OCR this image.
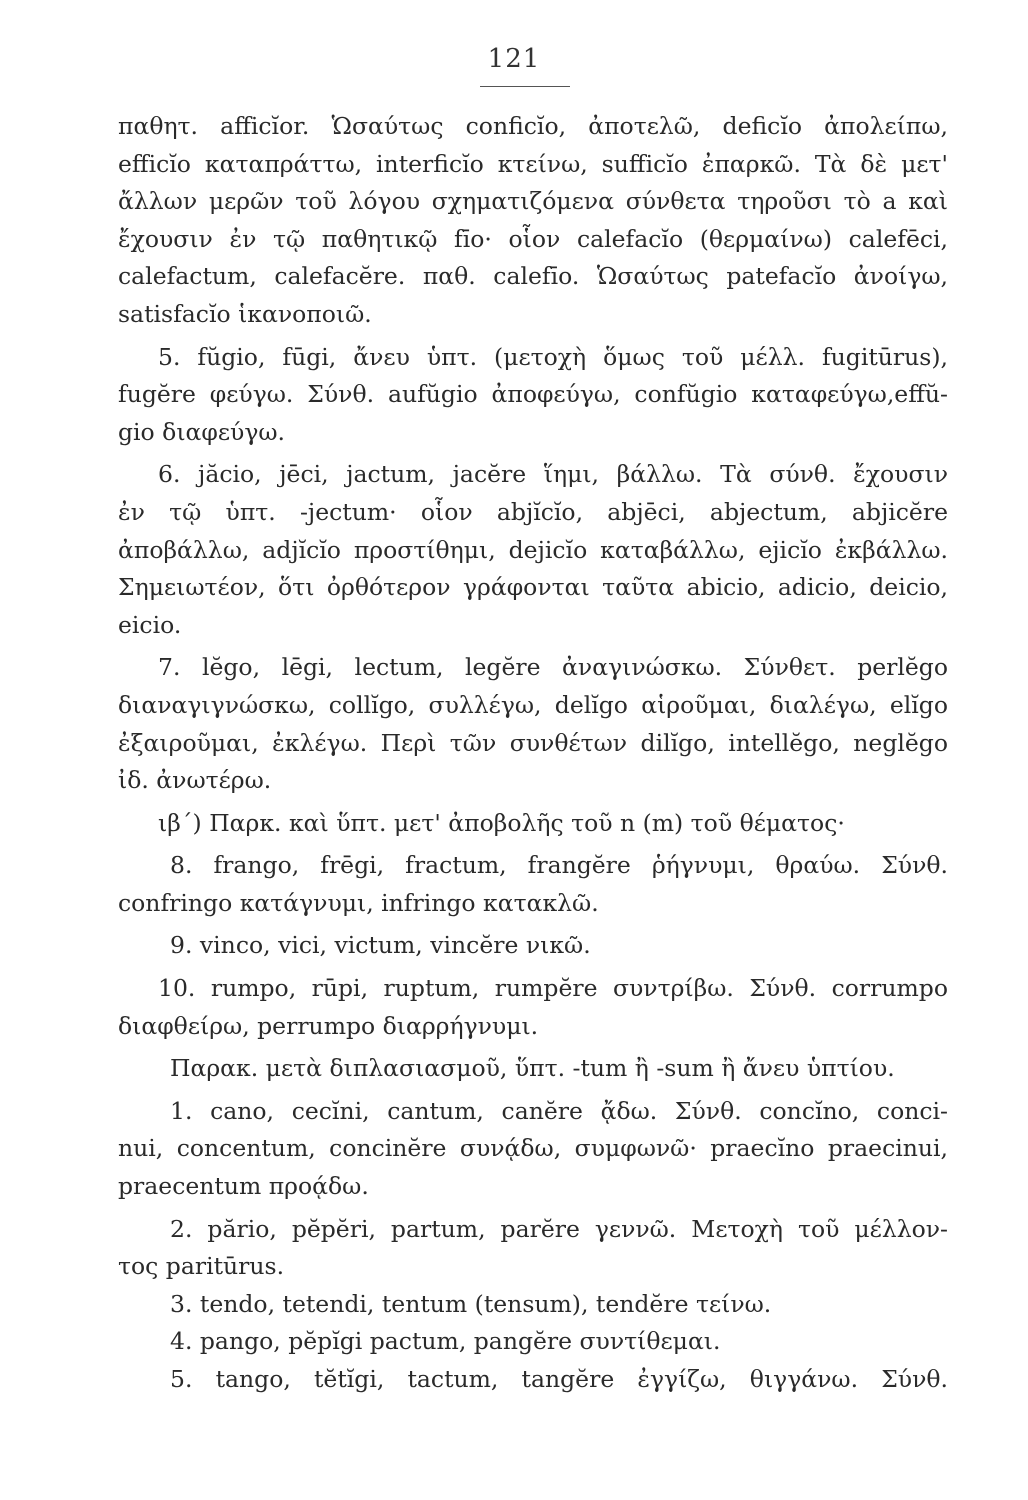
121
παθητ. afficĭor. Ὡσαύτως conficĭo, ἀποτελῶ, deficĭo ἀπολείπω,
efficĭo καταπράττω, interficĭo κτείνω, sufficĭo ἐπαρκῶ. Τὰ δὲ μετ'
ἄλλων μερῶν τοῦ λόγου σχηματιζόμενα σύνθετα τηροῦσι τὸ a καὶ
ἔχουσιν ἐν τῷ παθητικῷ fīo· οἷον calefacĭo (θερμαίνω) calefēci,
calefactum, calefacĕre. παθ. calefīo. Ὡσαύτως patefacĭo ἀνοίγω,
satisfacĭo ἱκανοποιῶ.
5. fŭgio, fūgi, ἄνευ ὑπτ. (μετοχὴ ὅμως τοῦ μέλλ. fugitūrus),
fugĕre φεύγω. Σύνθ. aufŭgio ἀποφεύγω, confŭgio καταφεύγω,effŭ-
gio διαφεύγω.
6. jăcio, jēci, jactum, jacĕre ἵημι, βάλλω. Τὰ σύνθ. ἔχουσιν
ἐν τῷ ὑπτ. -jectum· οἷον abjĭcĭo, abjēci, abjectum, abjicĕre
ἀποβάλλω, adjĭcĭo προστίθημι, dejicĭo καταβάλλω, ejicĭo ἐκβάλλω.
Σημειωτέον, ὅτι ὀρθότερον γράφονται ταῦτα abicio, adicio, deicio,
eicio.
7. lĕgo, lēgi, lectum, legĕre ἀναγινώσκω. Σύνθετ. perlĕgo
διαναγιγνώσκω, collĭgo, συλλέγω, delĭgo αἱροῦμαι, διαλέγω, elĭgo
ἐξαιροῦμαι, ἐκλέγω. Περὶ τῶν συνθέτων dilĭgo, intellĕgo, neglĕgo
ἰδ. ἀνωτέρω.
ιβ΄) Παρκ. καὶ ὕπτ. μετ' ἀποβολῆς τοῦ n (m) τοῦ θέματος·
8. frango, frēgi, fractum, frangĕre ῥήγνυμι, θραύω. Σύνθ.
confringo κατάγνυμι, infringo κατακλῶ.
9. vinco, vici, victum, vincĕre νικῶ.
10. rumpo, rūpi, ruptum, rumpĕre συντρίβω. Σύνθ. corrumpo
διαφθείρω, perrumpo διαρρήγνυμι.
Παρακ. μετὰ διπλασιασμοῦ, ὕπτ. -tum ἢ -sum ἢ ἄνευ ὑπτίου.
1. cano, cecĭni, cantum, canĕre ᾄδω. Σύνθ. concĭno, conci-
nui, concentum, concinĕre συνᾴδω, συμφωνῶ· praecĭno praecinui,
praecentum προᾴδω.
2. părio, pĕpĕri, partum, parĕre γεννῶ. Μετοχὴ τοῦ μέλλον-
τος paritūrus.
3. tendo, tetendi, tentum (tensum), tendĕre τείνω.
4. pango, pĕpĭgi pactum, pangĕre συντίθεμαι.
5. tango, tĕtĭgi, tactum, tangĕre ἐγγίζω, θιγγάνω. Σύνθ.
